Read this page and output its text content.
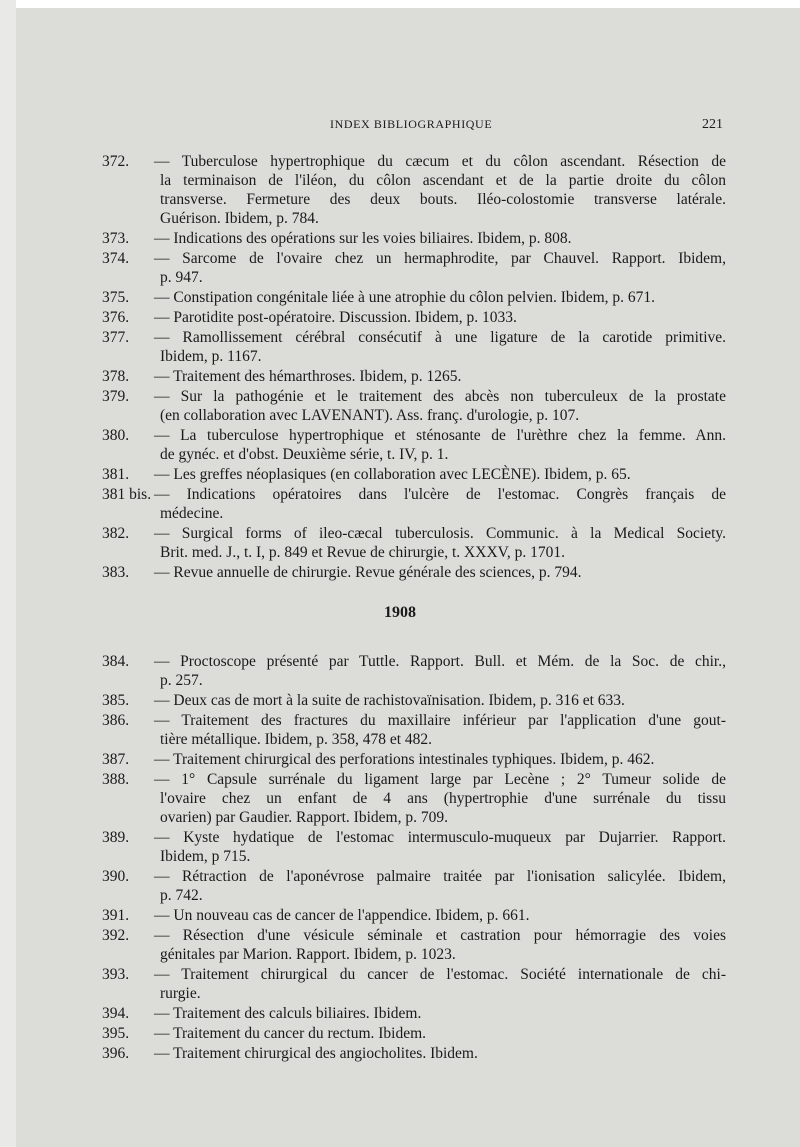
INDEX BIBLIOGRAPHIQUE	221
372.	— Tuberculose hypertrophique du cæcum et du côlon ascendant. Résection de
la terminaison de l'iléon, du côlon ascendant et de la partie droite du côlon
transverse. Fermeture des deux bouts. Iléo-colostomie transverse latérale.
Guérison. Ibidem, p. 784.
373.	— Indications des opérations sur les voies biliaires. Ibidem, p. 808.
374.	— Sarcome de l'ovaire chez un hermaphrodite, par Chauvel. Rapport. Ibidem,
p. 947.
375.	— Constipation congénitale liée à une atrophie du côlon pelvien. Ibidem, p. 671.
376.	— Parotidite post-opératoire. Discussion. Ibidem, p. 1033.
377.	— Ramollissement cérébral consécutif à une ligature de la carotide primitive.
Ibidem, p. 1167.
378.	— Traitement des hémarthroses. Ibidem, p. 1265.
379.	— Sur la pathogénie et le traitement des abcès non tuberculeux de la prostate
(en collaboration avec LAVENANT). Ass. franç. d'urologie, p. 107.
380.	— La tuberculose hypertrophique et sténosante de l'urèthre chez la femme. Ann.
de gynéc. et d'obst. Deuxième série, t. IV, p. 1.
381.	— Les greffes néoplasiques (en collaboration avec LECÈNE). Ibidem, p. 65.
381 bis. — Indications opératoires dans l'ulcère de l'estomac. Congrès français de
médecine.
382.	— Surgical forms of ileo-cæcal tuberculosis. Communic. à la Medical Society.
Brit. med. J., t. I, p. 849 et Revue de chirurgie, t. XXXV, p. 1701.
383.	— Revue annuelle de chirurgie. Revue générale des sciences, p. 794.
1908
384.	— Proctoscope présenté par Tuttle. Rapport. Bull. et Mém. de la Soc. de chir.,
p. 257.
385.	— Deux cas de mort à la suite de rachistovaïnisation. Ibidem, p. 316 et 633.
386.	— Traitement des fractures du maxillaire inférieur par l'application d'une gout-
tière métallique. Ibidem, p. 358, 478 et 482.
387.	— Traitement chirurgical des perforations intestinales typhiques. Ibidem, p. 462.
388.	— 1° Capsule surrénale du ligament large par Lecène ; 2° Tumeur solide de
l'ovaire chez un enfant de 4 ans (hypertrophie d'une surrénale du tissu
ovarien) par Gaudier. Rapport. Ibidem, p. 709.
389.	— Kyste hydatique de l'estomac intermusculo-muqueux par Dujarrier. Rapport.
Ibidem, p 715.
390.	— Rétraction de l'aponévrose palmaire traitée par l'ionisation salicylée. Ibidem,
p. 742.
391.	— Un nouveau cas de cancer de l'appendice. Ibidem, p. 661.
392.	— Résection d'une vésicule séminale et castration pour hémorragie des voies
génitales par Marion. Rapport. Ibidem, p. 1023.
393.	— Traitement chirurgical du cancer de l'estomac. Société internationale de chi-
rurgie.
394.	— Traitement des calculs biliaires. Ibidem.
395.	— Traitement du cancer du rectum. Ibidem.
396.	— Traitement chirurgical des angiocholites. Ibidem.
